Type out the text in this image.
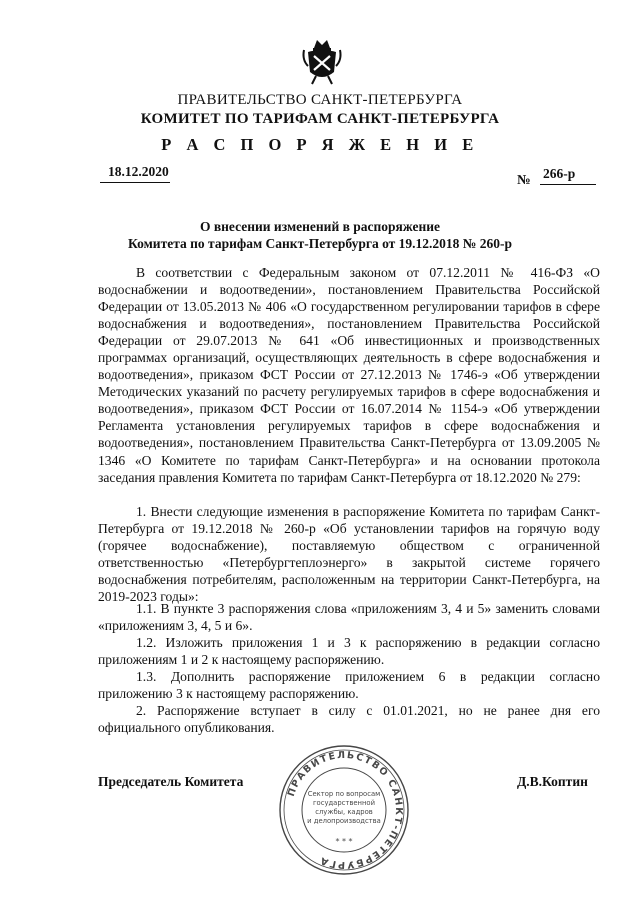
ПРАВИТЕЛЬСТВО САНКТ-ПЕТЕРБУРГА
КОМИТЕТ ПО ТАРИФАМ САНКТ-ПЕТЕРБУРГА
Р А С П О Р Я Ж Е Н И Е
18.12.2020
№ 266-р
О внесении изменений в распоряжение
Комитета по тарифам Санкт-Петербурга от 19.12.2018 № 260-р

В соответствии с Федеральным законом от 07.12.2011 № 416-ФЗ «О водоснабжении и водоотведении», постановлением Правительства Российской Федерации от 13.05.2013 № 406 «О государственном регулировании тарифов в сфере водоснабжения и водоотведения», постановлением Правительства Российской Федерации от 29.07.2013 № 641 «Об инвестиционных и производственных программах организаций, осуществляющих деятельность в сфере водоснабжения и водоотведения», приказом ФСТ России от 27.12.2013 № 1746-э «Об утверждении Методических указаний по расчету регулируемых тарифов в сфере водоснабжения и водоотведения», приказом ФСТ России от 16.07.2014 № 1154-э «Об утверждении Регламента установления регулируемых тарифов в сфере водоснабжения и водоотведения», постановлением Правительства Санкт-Петербурга от 13.09.2005 № 1346 «О Комитете по тарифам Санкт-Петербурга» и на основании протокола заседания правления Комитета по тарифам Санкт-Петербурга от 18.12.2020 № 279:

1. Внести следующие изменения в распоряжение Комитета по тарифам Санкт-Петербурга от 19.12.2018 № 260-р «Об установлении тарифов на горячую воду (горячее водоснабжение), поставляемую обществом с ограниченной ответственностью «Петербургтеплоэнерго» в закрытой системе горячего водоснабжения потребителям, расположенным на территории Санкт-Петербурга, на 2019-2023 годы»:

1.1. В пункте 3 распоряжения слова «приложениям 3, 4 и 5» заменить словами «приложениям 3, 4, 5 и 6».

1.2. Изложить приложения 1 и 3 к распоряжению в редакции согласно приложениям 1 и 2 к настоящему распоряжению.

1.3. Дополнить распоряжение приложением 6 в редакции согласно приложению 3 к настоящему распоряжению.

2. Распоряжение вступает в силу с 01.01.2021, но не ранее дня его официального опубликования.

Председатель Комитета	Д.В.Коптин
ПРАВИТЕЛЬСТВО САНКТ-ПЕТЕРБУРГА
Сектор по вопросам
государственной
службы, кадров
и делопроизводства
* * *
